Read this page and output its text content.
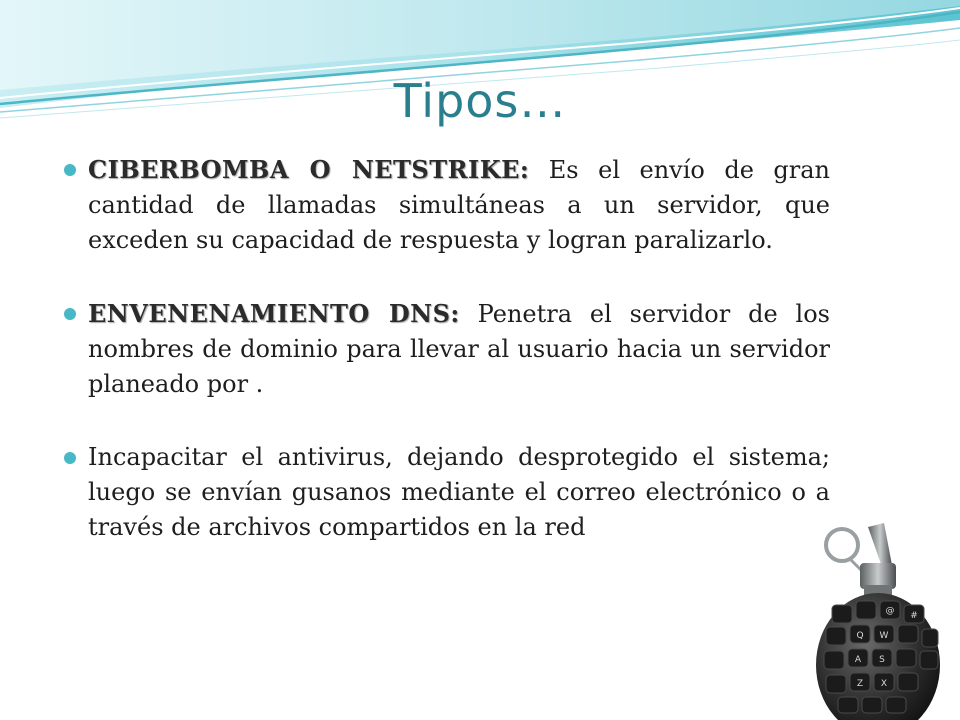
Tipos…
CIBERBOMBA O NETSTRIKE: Es el envío de gran cantidad de llamadas simultáneas a un servidor, que exceden su capacidad de respuesta y logran paralizarlo.
ENVENENAMIENTO DNS: Penetra el servidor de los nombres de dominio para llevar al usuario hacia un servidor planeado por .
Incapacitar el antivirus, dejando desprotegido el sistema; luego se envían gusanos mediante el correo electrónico o a través de archivos compartidos en la red
@
W
Q
S
A
#
X
Z
